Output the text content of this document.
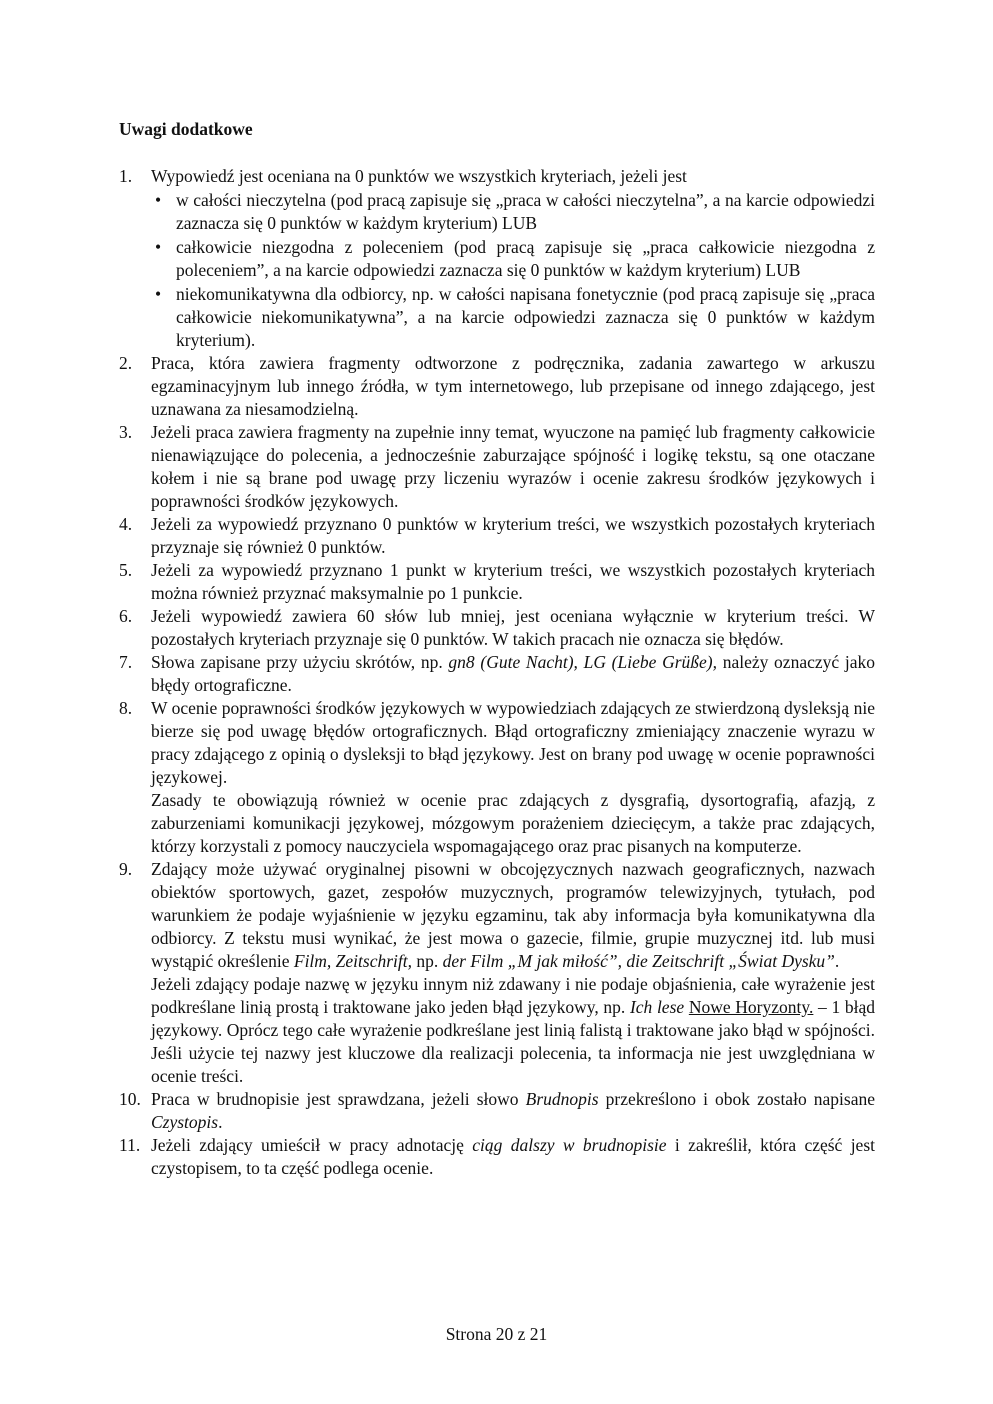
Uwagi dodatkowe
1. Wypowiedź jest oceniana na 0 punktów we wszystkich kryteriach, jeżeli jest
• w całości nieczytelna (pod pracą zapisuje się „praca w całości nieczytelna”, a na karcie odpowiedzi zaznacza się 0 punktów w każdym kryterium) LUB
• całkowicie niezgodna z poleceniem (pod pracą zapisuje się „praca całkowicie niezgodna z poleceniem”, a na karcie odpowiedzi zaznacza się 0 punktów w każdym kryterium) LUB
• niekomunikatywna dla odbiorcy, np. w całości napisana fonetycznie (pod pracą zapisuje się „praca całkowicie niekomunikatywna”, a na karcie odpowiedzi zaznacza się 0 punktów w każdym kryterium).
2. Praca, która zawiera fragmenty odtworzone z podręcznika, zadania zawartego w arkuszu egzaminacyjnym lub innego źródła, w tym internetowego, lub przepisane od innego zdającego, jest uznawana za niesamodzielną.
3. Jeżeli praca zawiera fragmenty na zupełnie inny temat, wyuczone na pamięć lub fragmenty całkowicie nienawiązujące do polecenia, a jednocześnie zaburzające spójność i logikę tekstu, są one otaczane kołem i nie są brane pod uwagę przy liczeniu wyrazów i ocenie zakresu środków językowych i poprawności środków językowych.
4. Jeżeli za wypowiedź przyznano 0 punktów w kryterium treści, we wszystkich pozostałych kryteriach przyznaje się również 0 punktów.
5. Jeżeli za wypowiedź przyznano 1 punkt w kryterium treści, we wszystkich pozostałych kryteriach można również przyznać maksymalnie po 1 punkcie.
6. Jeżeli wypowiedź zawiera 60 słów lub mniej, jest oceniana wyłącznie w kryterium treści. W pozostałych kryteriach przyznaje się 0 punktów. W takich pracach nie oznacza się błędów.
7. Słowa zapisane przy użyciu skrótów, np. gn8 (Gute Nacht), LG (Liebe Grüße), należy oznaczyć jako błędy ortograficzne.
8. W ocenie poprawności środków językowych w wypowiedziach zdających ze stwierdzoną dysleksją nie bierze się pod uwagę błędów ortograficznych. Błąd ortograficzny zmieniający znaczenie wyrazu w pracy zdającego z opinią o dysleksji to błąd językowy. Jest on brany pod uwagę w ocenie poprawności językowej.
Zasady te obowiązują również w ocenie prac zdających z dysgrafią, dysortografią, afazją, z zaburzeniami komunikacji językowej, mózgowym porażeniem dziecięcym, a także prac zdających, którzy korzystali z pomocy nauczyciela wspomagającego oraz prac pisanych na komputerze.
9. Zdający może używać oryginalnej pisowni w obcojęzycznych nazwach geograficznych, nazwach obiektów sportowych, gazet, zespołów muzycznych, programów telewizyjnych, tytułach, pod warunkiem że podaje wyjaśnienie w języku egzaminu, tak aby informacja była komunikatywna dla odbiorcy. Z tekstu musi wynikać, że jest mowa o gazecie, filmie, grupie muzycznej itd. lub musi wystąpić określenie Film, Zeitschrift, np. der Film „M jak miłość”, die Zeitschrift „Świat Dysku”.
Jeżeli zdający podaje nazwę w języku innym niż zdawany i nie podaje objaśnienia, całe wyrażenie jest podkreślane linią prostą i traktowane jako jeden błąd językowy, np. Ich lese Nowe Horyzonty. – 1 błąd językowy. Oprócz tego całe wyrażenie podkreślane jest linią falistą i traktowane jako błąd w spójności. Jeśli użycie tej nazwy jest kluczowe dla realizacji polecenia, ta informacja nie jest uwzględniana w ocenie treści.
10. Praca w brudnopisie jest sprawdzana, jeżeli słowo Brudnopis przekreślono i obok zostało napisane Czystopis.
11. Jeżeli zdający umieścił w pracy adnotację ciąg dalszy w brudnopisie i zakreślił, która część jest czystopisem, to ta część podlega ocenie.
Strona 20 z 21
